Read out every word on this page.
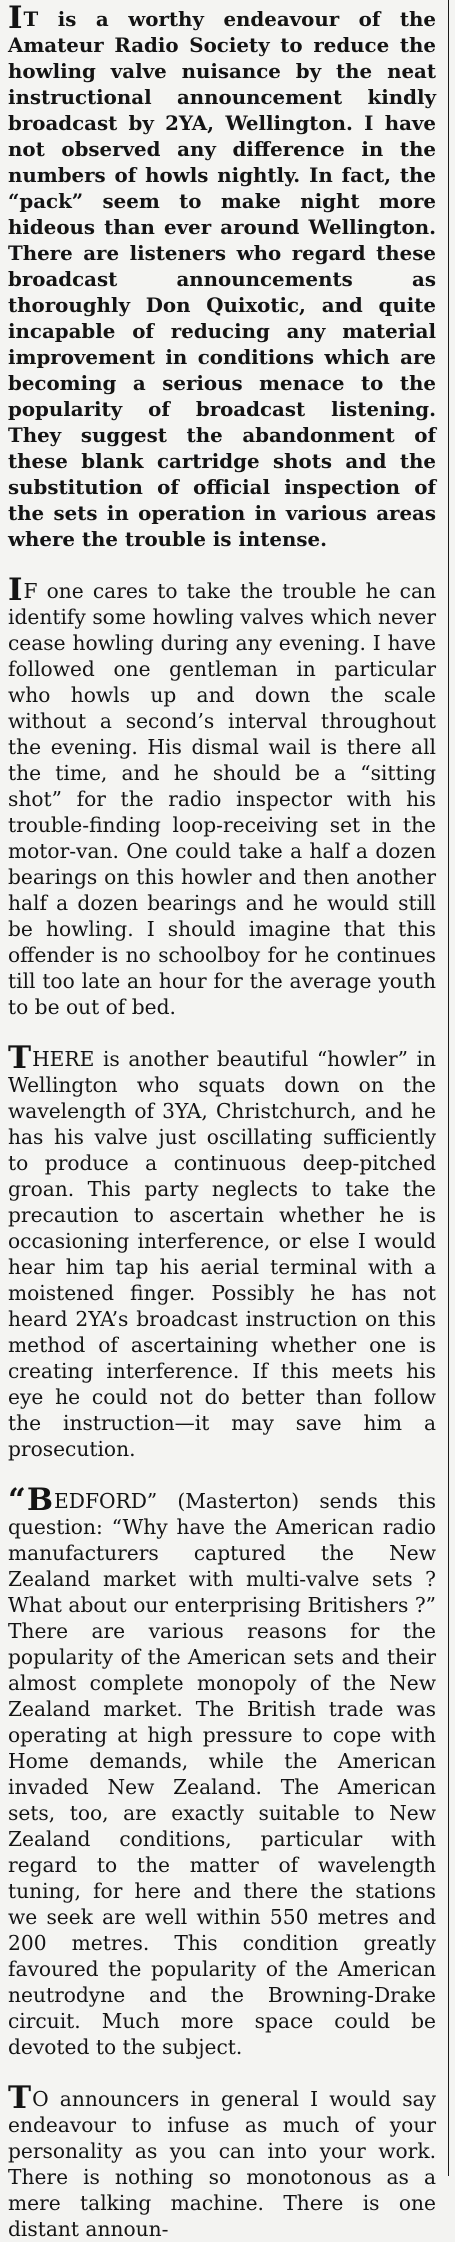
IT is a worthy endeavour of the Amateur Radio Society to reduce the howling valve nuisance by the neat instructional announcement kindly broadcast by 2YA, Wellington. I have not observed any difference in the numbers of howls nightly. In fact, the “pack” seem to make night more hideous than ever around Wellington. There are listeners who regard these broadcast announcements as thoroughly Don Quixotic, and quite incapable of reducing any material improvement in conditions which are becoming a serious menace to the popularity of broadcast listening. They suggest the abandonment of these blank cartridge shots and the substitution of official inspection of the sets in operation in various areas where the trouble is intense.

IF one cares to take the trouble he can identify some howling valves which never cease howling during any evening. I have followed one gentleman in particular who howls up and down the scale without a second’s interval throughout the evening. His dismal wail is there all the time, and he should be a “sitting shot” for the radio inspector with his trouble-finding loop-receiving set in the motor-van. One could take a half a dozen bearings on this howler and then another half a dozen bearings and he would still be howling. I should imagine that this offender is no schoolboy for he continues till too late an hour for the average youth to be out of bed.

THERE is another beautiful “howler” in Wellington who squats down on the wavelength of 3YA, Christchurch, and he has his valve just oscillating sufficiently to produce a continuous deep-pitched groan. This party neglects to take the precaution to ascertain whether he is occasioning interference, or else I would hear him tap his aerial terminal with a moistened finger. Possibly he has not heard 2YA’s broadcast instruction on this method of ascertaining whether one is creating interference. If this meets his eye he could not do better than follow the instruction—it may save him a prosecution.

“BEDFORD” (Masterton) sends this question: “Why have the American radio manufacturers captured the New Zealand market with multi-valve sets ? What about our enterprising Britishers ?” There are various reasons for the popularity of the American sets and their almost complete monopoly of the New Zealand market. The British trade was operating at high pressure to cope with Home demands, while the American invaded New Zealand. The American sets, too, are exactly suitable to New Zealand conditions, particular with regard to the matter of wavelength tuning, for here and there the stations we seek are well within 550 metres and 200 metres. This condition greatly favoured the popularity of the American neutrodyne and the Browning-Drake circuit. Much more space could be devoted to the subject.

TO announcers in general I would say endeavour to infuse as much of your personality as you can into your work. There is nothing so monotonous as a mere talking machine. There is one distant announ-
